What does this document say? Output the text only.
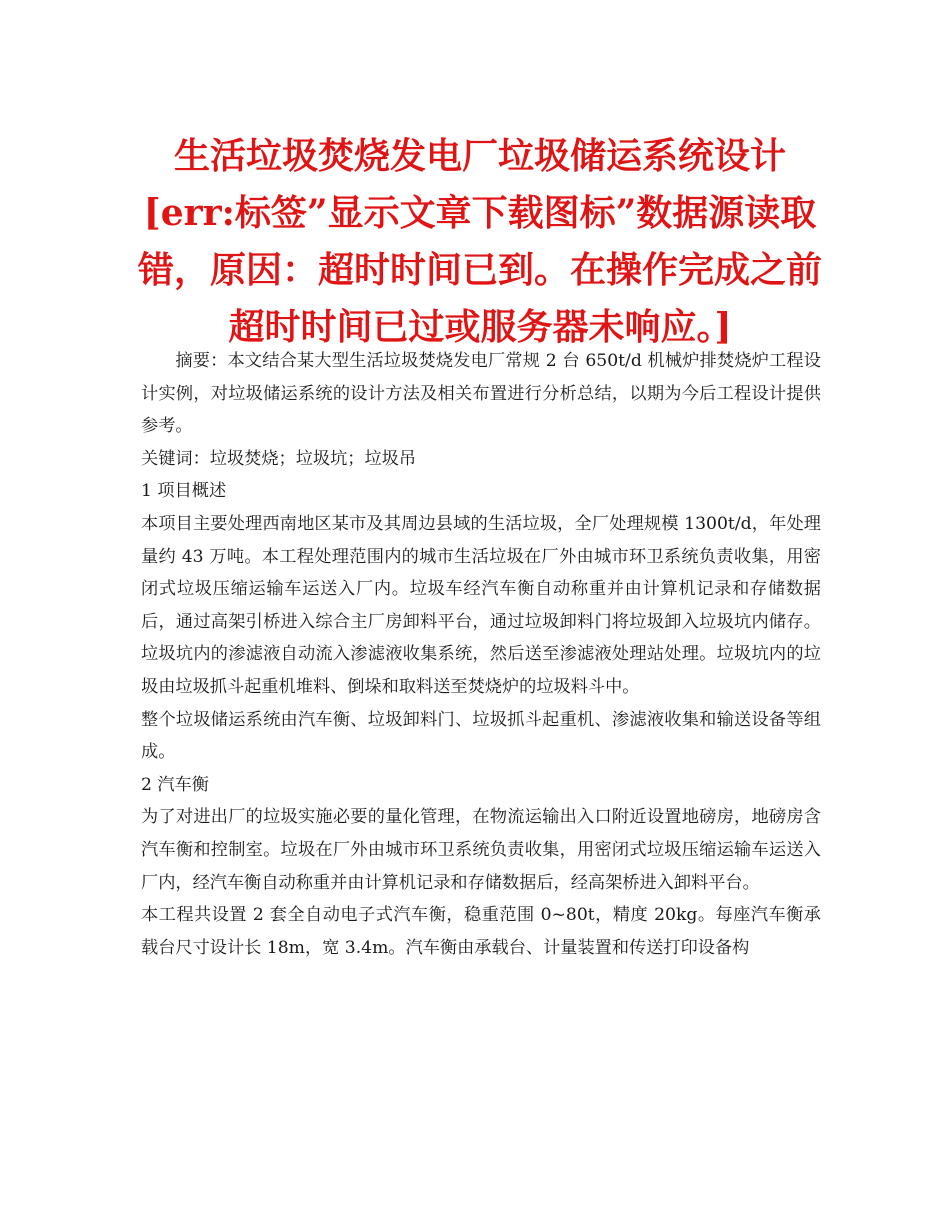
生活垃圾焚烧发电厂垃圾储运系统设计[err:标签”显示文章下载图标”数据源读取错，原因：超时时间已到。在操作完成之前超时时间已过或服务器未响应。]

摘要：本文结合某大型生活垃圾焚烧发电厂常规 2 台 650t/d 机械炉排焚烧炉工程设计实例，对垃圾储运系统的设计方法及相关布置进行分析总结，以期为今后工程设计提供参考。

关键词：垃圾焚烧；垃圾坑；垃圾吊

1 项目概述

本项目主要处理西南地区某市及其周边县域的生活垃圾，全厂处理规模 1300t/d，年处理量约 43 万吨。本工程处理范围内的城市生活垃圾在厂外由城市环卫系统负责收集，用密闭式垃圾压缩运输车运送入厂内。垃圾车经汽车衡自动称重并由计算机记录和存储数据后，通过高架引桥进入综合主厂房卸料平台，通过垃圾卸料门将垃圾卸入垃圾坑内储存。垃圾坑内的渗滤液自动流入渗滤液收集系统，然后送至渗滤液处理站处理。垃圾坑内的垃圾由垃圾抓斗起重机堆料、倒垛和取料送至焚烧炉的垃圾料斗中。

整个垃圾储运系统由汽车衡、垃圾卸料门、垃圾抓斗起重机、渗滤液收集和输送设备等组成。

2 汽车衡

为了对进出厂的垃圾实施必要的量化管理，在物流运输出入口附近设置地磅房，地磅房含汽车衡和控制室。垃圾在厂外由城市环卫系统负责收集，用密闭式垃圾压缩运输车运送入厂内，经汽车衡自动称重并由计算机记录和存储数据后，经高架桥进入卸料平台。

本工程共设置 2 套全自动电子式汽车衡，稳重范围 0~80t，精度 20kg。每座汽车衡承载台尺寸设计长 18m，宽 3.4m。汽车衡由承载台、计量装置和传送打印设备构
